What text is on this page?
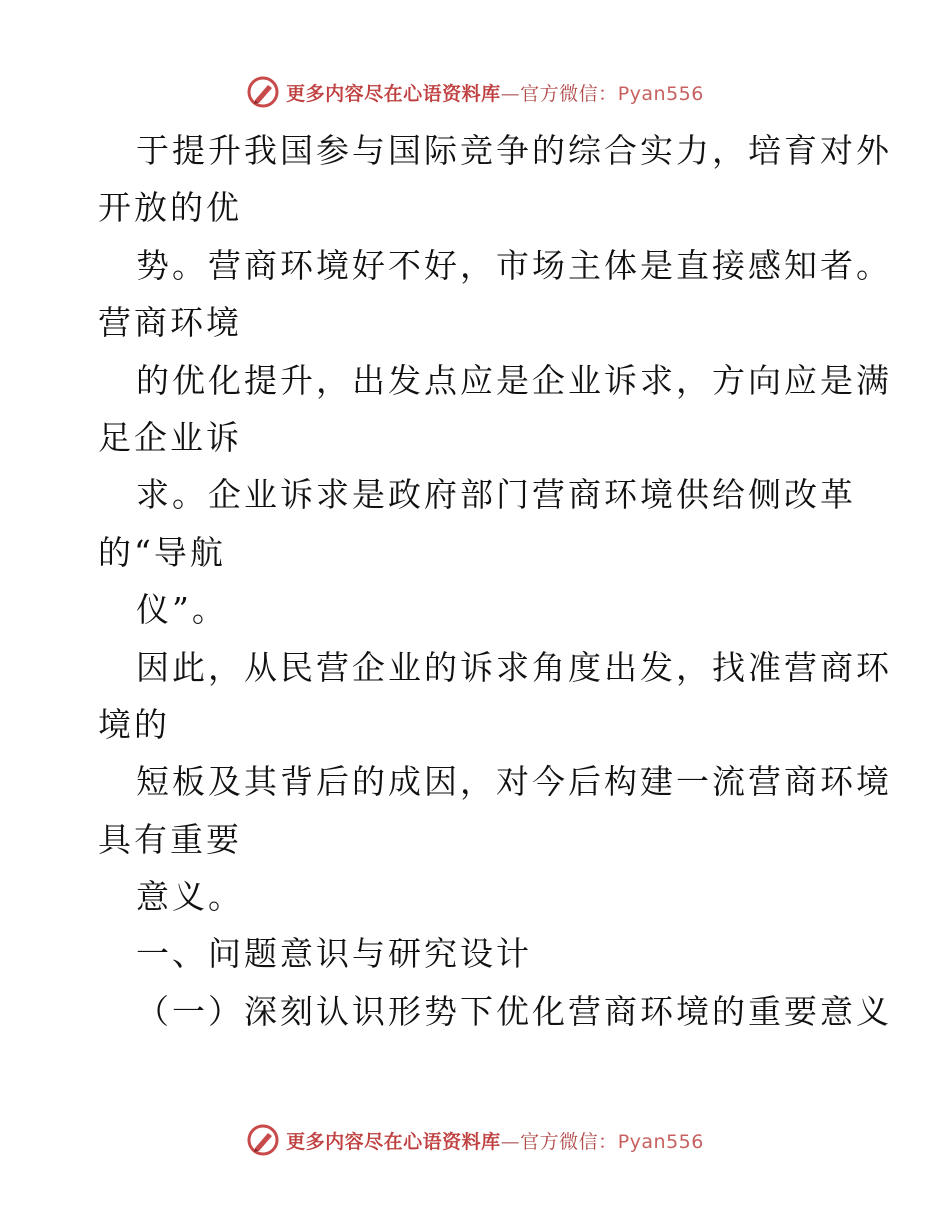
更多内容尽在心语资料库—官方微信：Pyan556
于提升我国参与国际竞争的综合实力，培育对外
开放的优
势。营商环境好不好，市场主体是直接感知者。
营商环境
的优化提升，出发点应是企业诉求，方向应是满
足企业诉
求。企业诉求是政府部门营商环境供给侧改革
的“导航
仪”。
因此，从民营企业的诉求角度出发，找准营商环
境的
短板及其背后的成因，对今后构建一流营商环境
具有重要
意义。
一、问题意识与研究设计
（一）深刻认识形势下优化营商环境的重要意义
更多内容尽在心语资料库—官方微信：Pyan556
